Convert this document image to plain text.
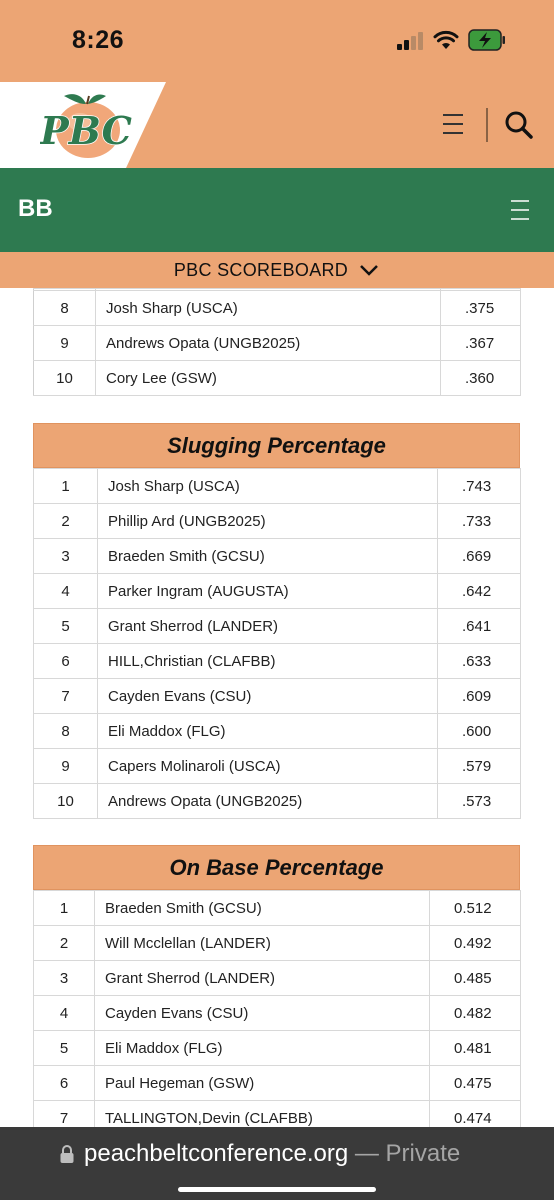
8:26
PBC
BB
PBC SCOREBOARD

8	Josh Sharp (USCA)	.375
9	Andrews Opata (UNGB2025)	.367
10	Cory Lee (GSW)	.360
Slugging Percentage
1	Josh Sharp (USCA)	.743
2	Phillip Ard (UNGB2025)	.733
3	Braeden Smith (GCSU)	.669
4	Parker Ingram (AUGUSTA)	.642
5	Grant Sherrod (LANDER)	.641
6	HILL,Christian (CLAFBB)	.633
7	Cayden Evans (CSU)	.609
8	Eli Maddox (FLG)	.600
9	Capers Molinaroli (USCA)	.579
10	Andrews Opata (UNGB2025)	.573
On Base Percentage
1	Braeden Smith (GCSU)	0.512
2	Will Mcclellan (LANDER)	0.492
3	Grant Sherrod (LANDER)	0.485
4	Cayden Evans (CSU)	0.482
5	Eli Maddox (FLG)	0.481
6	Paul Hegeman (GSW)	0.475
7	TALLINGTON,Devin (CLAFBB)	0.474
peachbeltconference.org — Private
